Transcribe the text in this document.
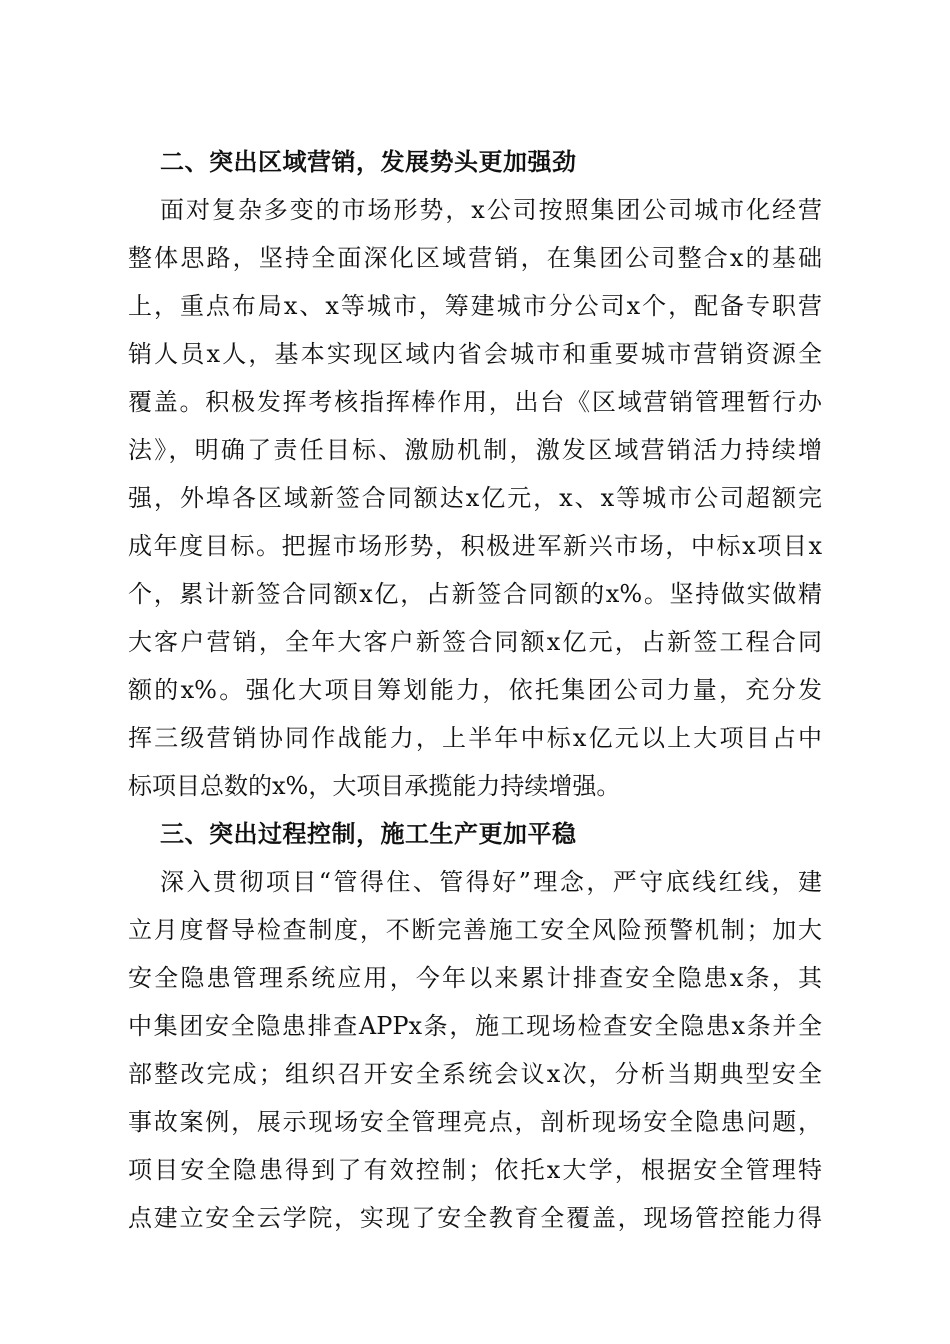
二、突出区域营销，发展势头更加强劲
面对复杂多变的市场形势，x公司按照集团公司城市化经营
整体思路，坚持全面深化区域营销，在集团公司整合x的基础
上，重点布局x、x等城市，筹建城市分公司x个，配备专职营
销人员x人，基本实现区域内省会城市和重要城市营销资源全
覆盖。积极发挥考核指挥棒作用，出台《区域营销管理暂行办
法》，明确了责任目标、激励机制，激发区域营销活力持续增
强，外埠各区域新签合同额达x亿元，x、x等城市公司超额完
成年度目标。把握市场形势，积极进军新兴市场，中标x项目x
个，累计新签合同额x亿，占新签合同额的x%。坚持做实做精
大客户营销，全年大客户新签合同额x亿元，占新签工程合同
额的x%。强化大项目筹划能力，依托集团公司力量，充分发
挥三级营销协同作战能力，上半年中标x亿元以上大项目占中
标项目总数的x%，大项目承揽能力持续增强。
三、突出过程控制，施工生产更加平稳
深入贯彻项目“管得住、管得好”理念，严守底线红线，建
立月度督导检查制度，不断完善施工安全风险预警机制；加大
安全隐患管理系统应用，今年以来累计排查安全隐患x条，其
中集团安全隐患排查APPx条，施工现场检查安全隐患x条并全
部整改完成；组织召开安全系统会议x次，分析当期典型安全
事故案例，展示现场安全管理亮点，剖析现场安全隐患问题，
项目安全隐患得到了有效控制；依托x大学，根据安全管理特
点建立安全云学院，实现了安全教育全覆盖，现场管控能力得
